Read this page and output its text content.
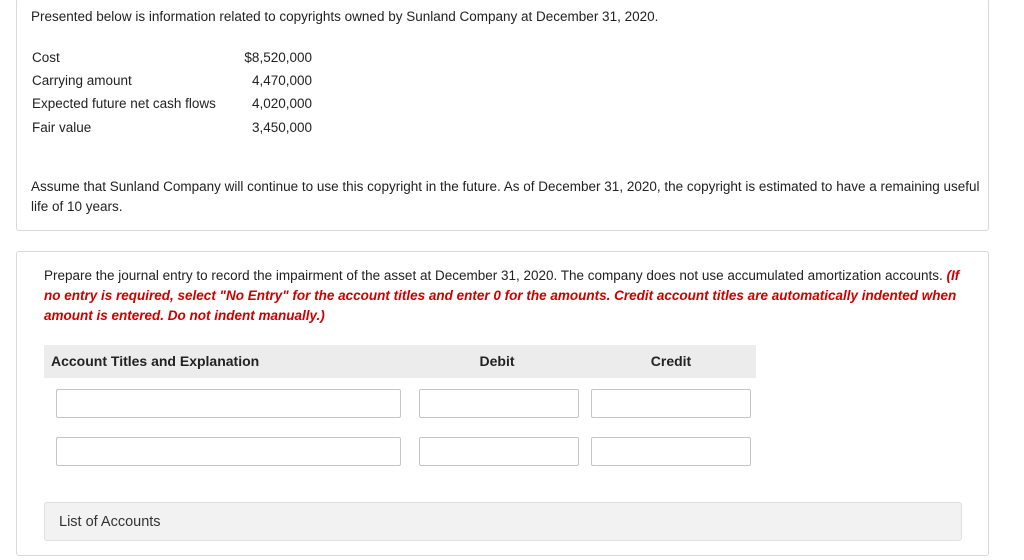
Presented below is information related to copyrights owned by Sunland Company at December 31, 2020.

Cost	$8,520,000
Carrying amount	4,470,000
Expected future net cash flows	4,020,000
Fair value	3,450,000

Assume that Sunland Company will continue to use this copyright in the future. As of December 31, 2020, the copyright is estimated to have a remaining useful life of 10 years.

Prepare the journal entry to record the impairment of the asset at December 31, 2020. The company does not use accumulated amortization accounts. (If no entry is required, select "No Entry" for the account titles and enter 0 for the amounts. Credit account titles are automatically indented when amount is entered. Do not indent manually.)

Account Titles and Explanation	Debit	Credit
List of Accounts
